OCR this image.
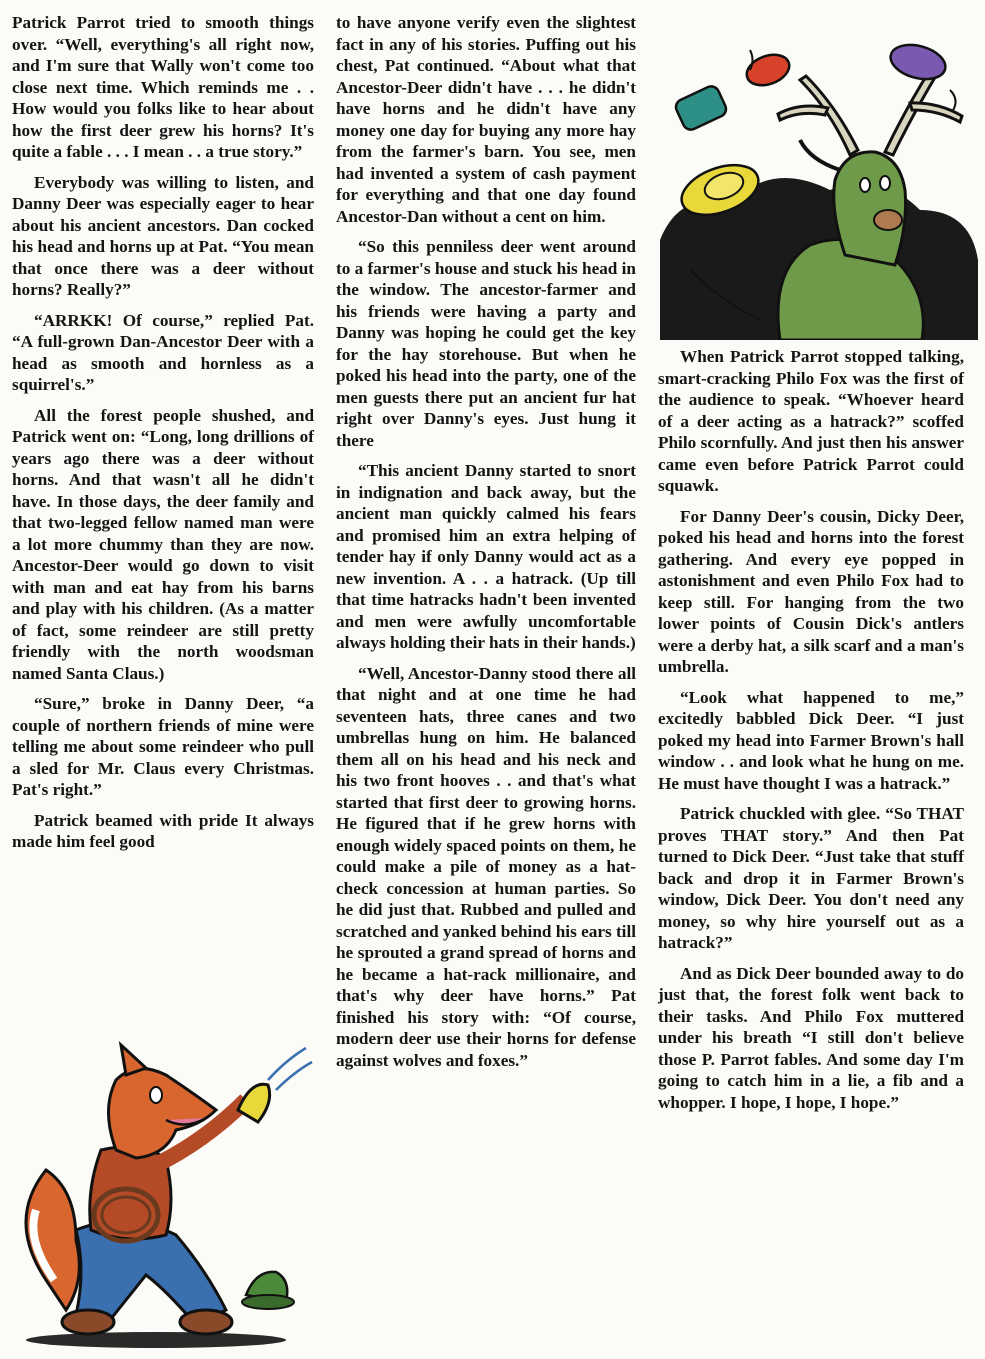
Patrick Parrot tried to smooth things over. “Well, everything's all right now, and I'm sure that Wally won't come too close next time. Which reminds me . . How would you folks like to hear about how the first deer grew his horns? It's quite a fable . . . I mean . . a true story.”

Everybody was willing to listen, and Danny Deer was especially eager to hear about his ancient ancestors. Dan cocked his head and horns up at Pat. “You mean that once there was a deer without horns? Really?”

“ARRKK! Of course,” replied Pat. “A full-grown Dan-Ancestor Deer with a head as smooth and hornless as a squirrel's.”

All the forest people shushed, and Patrick went on: “Long, long drillions of years ago there was a deer without horns. And that wasn't all he didn't have. In those days, the deer family and that two-legged fellow named man were a lot more chummy than they are now. Ancestor-Deer would go down to visit with man and eat hay from his barns and play with his children. (As a matter of fact, some reindeer are still pretty friendly with the north woodsman named Santa Claus.)

“Sure,” broke in Danny Deer, “a couple of northern friends of mine were telling me about some reindeer who pull a sled for Mr. Claus every Christmas. Pat's right.”

Patrick beamed with pride It always made him feel good

to have anyone verify even the slightest fact in any of his stories. Puffing out his chest, Pat continued. “About what that Ancestor-Deer didn't have . . . he didn't have horns and he didn't have any money one day for buying any more hay from the farmer's barn. You see, men had invented a system of cash payment for everything and that one day found Ancestor-Dan without a cent on him.

“So this penniless deer went around to a farmer's house and stuck his head in the window. The ancestor-farmer and his friends were having a party and Danny was hoping he could get the key for the hay storehouse. But when he poked his head into the party, one of the men guests there put an ancient fur hat right over Danny's eyes. Just hung it there

“This ancient Danny started to snort in indignation and back away, but the ancient man quickly calmed his fears and promised him an extra helping of tender hay if only Danny would act as a new invention. A . . a hatrack. (Up till that time hatracks hadn't been invented and men were awfully uncomfortable always holding their hats in their hands.)

“Well, Ancestor-Danny stood there all that night and at one time he had seventeen hats, three canes and two umbrellas hung on him. He balanced them all on his head and his neck and his two front hooves . . and that's what started that first deer to growing horns. He figured that if he grew horns with enough widely spaced points on them, he could make a pile of money as a hat-check concession at human parties. So he did just that. Rubbed and pulled and scratched and yanked behind his ears till he sprouted a grand spread of horns and he became a hat-rack millionaire, and that's why deer have horns.” Pat finished his story with: “Of course, modern deer use their horns for defense against wolves and foxes.”

When Patrick Parrot stopped talking, smart-cracking Philo Fox was the first of the audience to speak. “Whoever heard of a deer acting as a hatrack?” scoffed Philo scornfully. And just then his answer came even before Patrick Parrot could squawk.

For Danny Deer's cousin, Dicky Deer, poked his head and horns into the forest gathering. And every eye popped in astonishment and even Philo Fox had to keep still. For hanging from the two lower points of Cousin Dick's antlers were a derby hat, a silk scarf and a man's umbrella.

“Look what happened to me,” excitedly babbled Dick Deer. “I just poked my head into Farmer Brown's hall window . . and look what he hung on me. He must have thought I was a hatrack.”

Patrick chuckled with glee. “So THAT proves THAT story.” And then Pat turned to Dick Deer. “Just take that stuff back and drop it in Farmer Brown's window, Dick Deer. You don't need any money, so why hire yourself out as a hatrack?”

And as Dick Deer bounded away to do just that, the forest folk went back to their tasks. And Philo Fox muttered under his breath “I still don't believe those P. Parrot fables. And some day I'm going to catch him in a lie, a fib and a whopper. I hope, I hope, I hope.”
